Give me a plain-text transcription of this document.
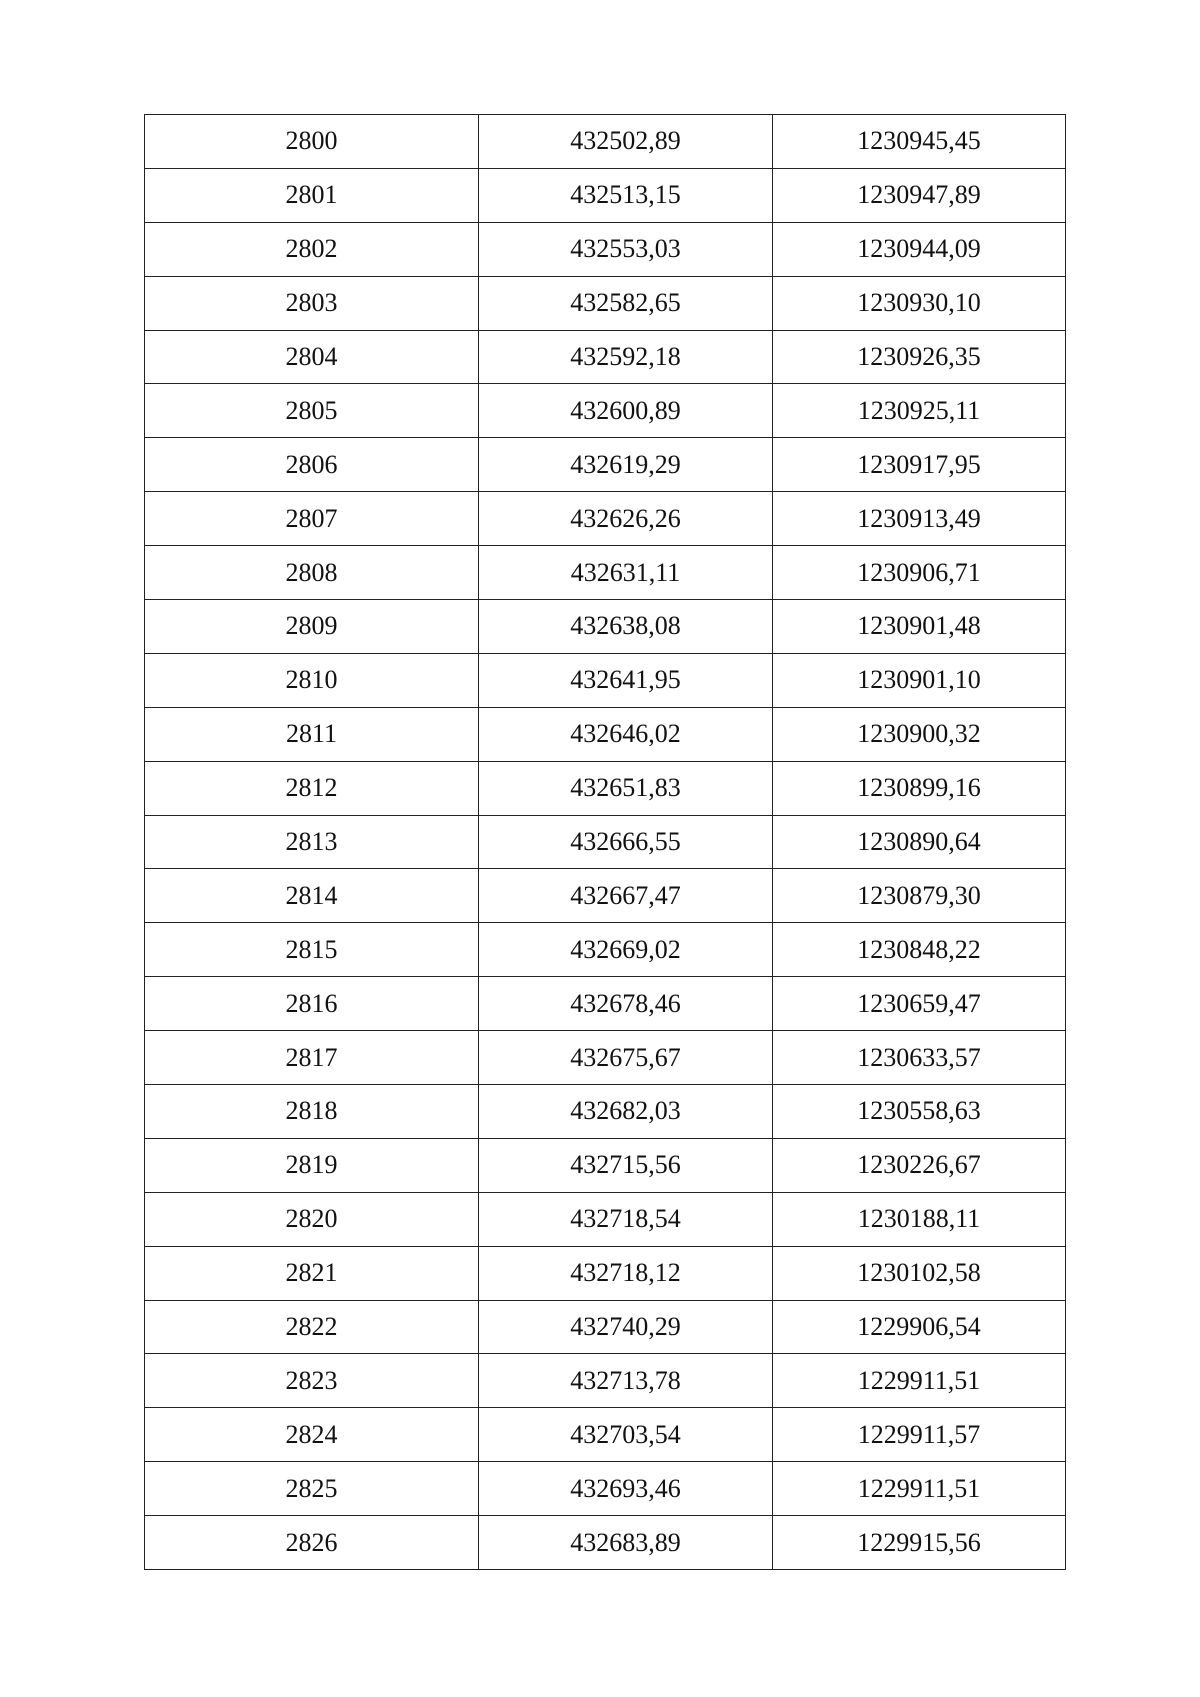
2800	432502,89	1230945,45
2801	432513,15	1230947,89
2802	432553,03	1230944,09
2803	432582,65	1230930,10
2804	432592,18	1230926,35
2805	432600,89	1230925,11
2806	432619,29	1230917,95
2807	432626,26	1230913,49
2808	432631,11	1230906,71
2809	432638,08	1230901,48
2810	432641,95	1230901,10
2811	432646,02	1230900,32
2812	432651,83	1230899,16
2813	432666,55	1230890,64
2814	432667,47	1230879,30
2815	432669,02	1230848,22
2816	432678,46	1230659,47
2817	432675,67	1230633,57
2818	432682,03	1230558,63
2819	432715,56	1230226,67
2820	432718,54	1230188,11
2821	432718,12	1230102,58
2822	432740,29	1229906,54
2823	432713,78	1229911,51
2824	432703,54	1229911,57
2825	432693,46	1229911,51
2826	432683,89	1229915,56
